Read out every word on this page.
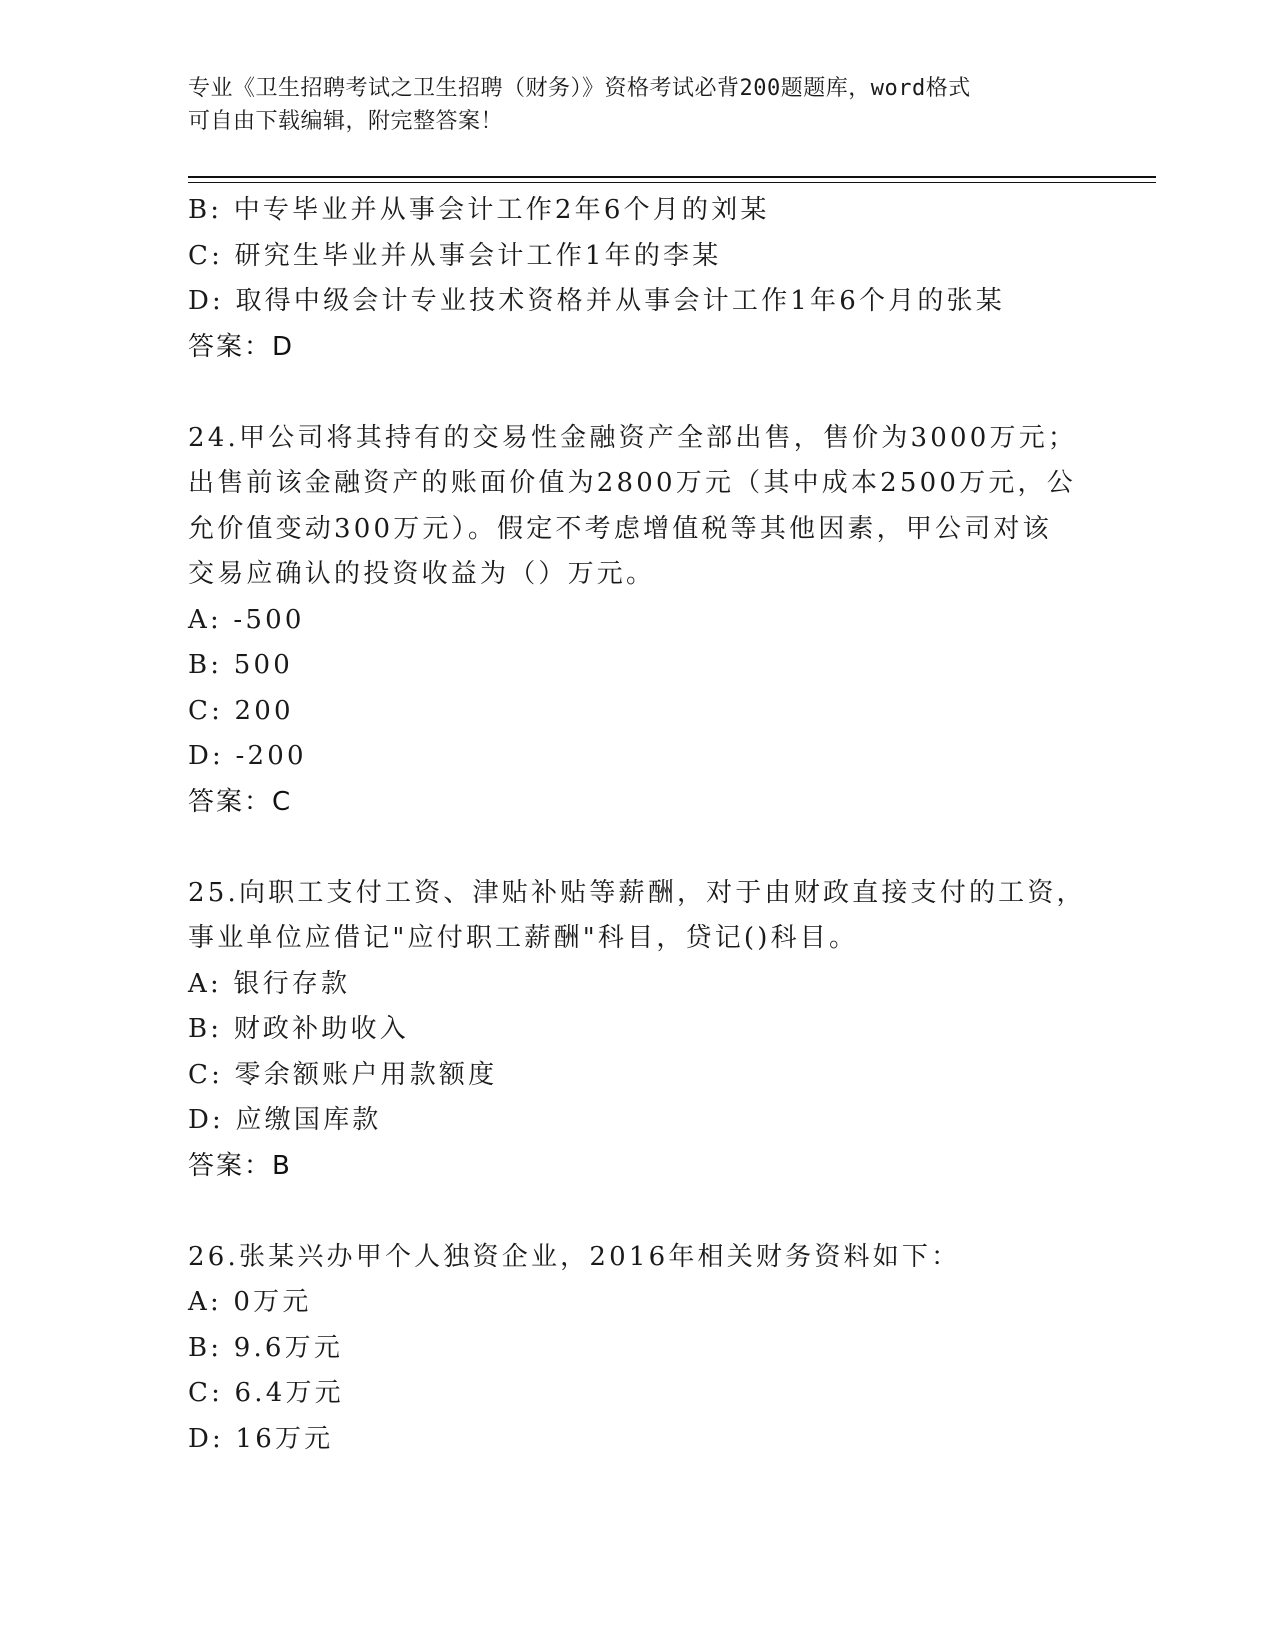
专业《卫生招聘考试之卫生招聘（财务）》资格考试必背200题题库，word格式
可自由下载编辑，附完整答案！
B: 中专毕业并从事会计工作2年6个月的刘某
C: 研究生毕业并从事会计工作1年的李某
D: 取得中级会计专业技术资格并从事会计工作1年6个月的张某
答案：D
24.甲公司将其持有的交易性金融资产全部出售，售价为3000万元；
出售前该金融资产的账面价值为2800万元（其中成本2500万元，公
允价值变动300万元）。假定不考虑增值税等其他因素，甲公司对该
交易应确认的投资收益为（）万元。
A: -500
B: 500
C: 200
D: -200
答案：C
25.向职工支付工资、津贴补贴等薪酬，对于由财政直接支付的工资，
事业单位应借记"应付职工薪酬"科目，贷记()科目。
A: 银行存款
B: 财政补助收入
C: 零余额账户用款额度
D: 应缴国库款
答案：B
26.张某兴办甲个人独资企业，2016年相关财务资料如下：
A: 0万元
B: 9.6万元
C: 6.4万元
D: 16万元
